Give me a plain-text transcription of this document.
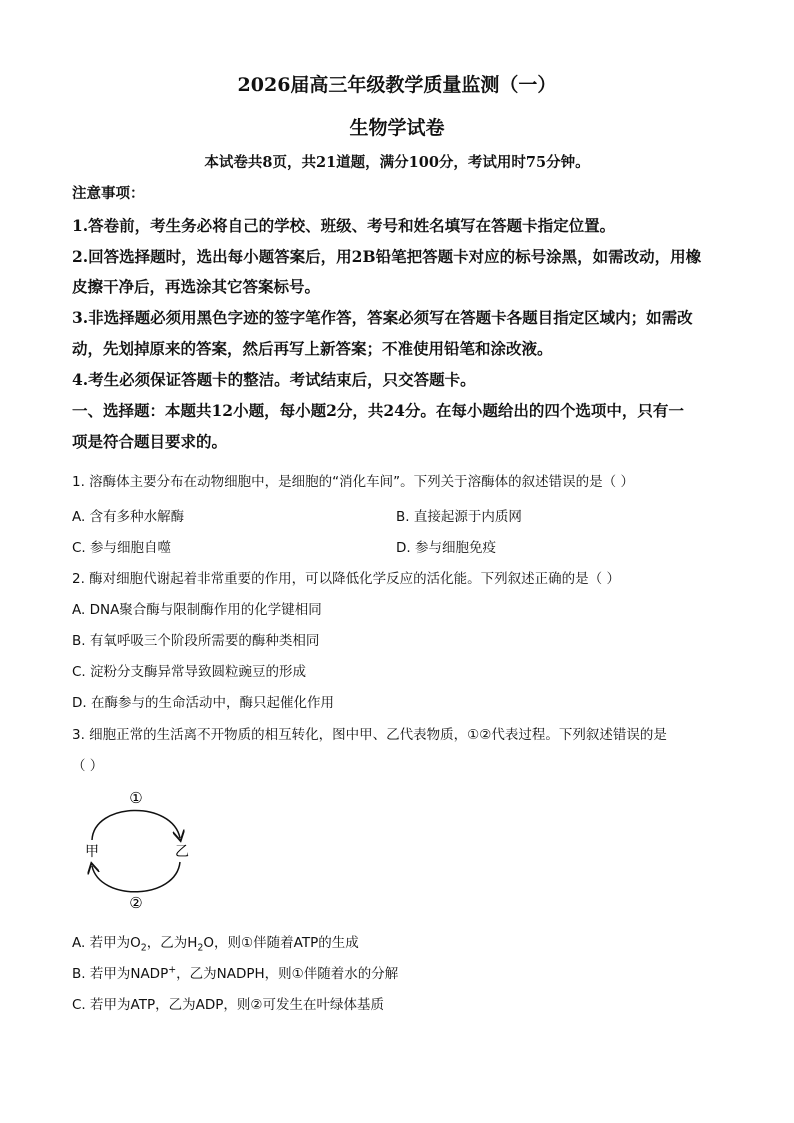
2026届高三年级教学质量监测（一）
生物学试卷
本试卷共8页，共21道题，满分100分，考试用时75分钟。
注意事项：
1.答卷前，考生务必将自己的学校、班级、考号和姓名填写在答题卡指定位置。
2.回答选择题时，选出每小题答案后，用2B铅笔把答题卡对应的标号涂黑，如需改动，用橡
皮擦干净后，再选涂其它答案标号。
3.非选择题必须用黑色字迹的签字笔作答，答案必须写在答题卡各题目指定区域内；如需改
动，先划掉原来的答案，然后再写上新答案；不准使用铅笔和涂改液。
4.考生必须保证答题卡的整洁。考试结束后，只交答题卡。
一、选择题：本题共12小题，每小题2分，共24分。在每小题给出的四个选项中，只有一
项是符合题目要求的。
1. 溶酶体主要分布在动物细胞中，是细胞的“消化车间”。下列关于溶酶体的叙述错误的是（ ）
A. 含有多种水解酶	B. 直接起源于内质网
C. 参与细胞自噬	D. 参与细胞免疫
2. 酶对细胞代谢起着非常重要的作用，可以降低化学反应的活化能。下列叙述正确的是（ ）
A. DNA聚合酶与限制酶作用的化学键相同
B. 有氧呼吸三个阶段所需要的酶种类相同
C. 淀粉分支酶异常导致圆粒豌豆的形成
D. 在酶参与的生命活动中，酶只起催化作用
3. 细胞正常的生活离不开物质的相互转化，图中甲、乙代表物质，①②代表过程。下列叙述错误的是
（ ）
①
②
甲	乙
A. 若甲为$O_2$，乙为$H_2O$，则①伴随着ATP的生成
B. 若甲为NADP+，乙为NADPH，则①伴随着水的分解
C. 若甲为ATP，乙为ADP，则②可发生在叶绿体基质
